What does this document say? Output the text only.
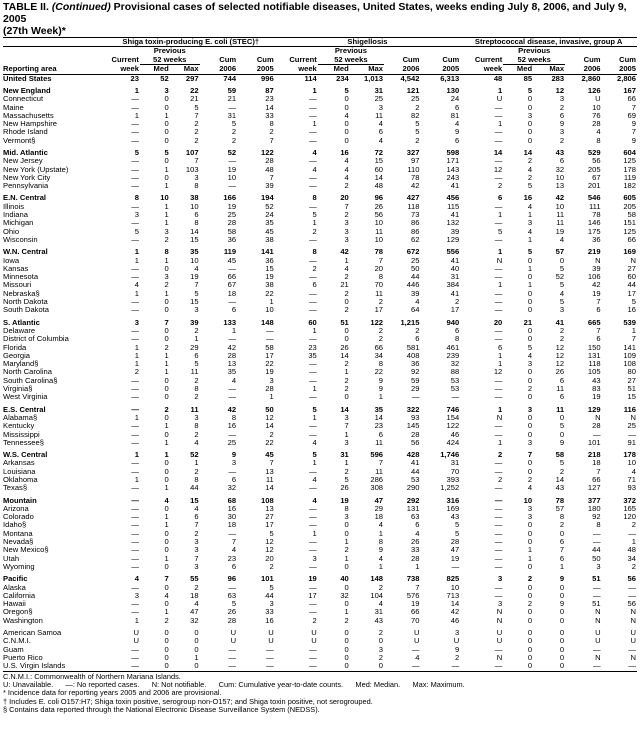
TABLE II. (Continued) Provisional cases of selected notifiable diseases, United States, weeks ending July 8, 2006, and July 9, 2005
(27th Week)*
	Shiga toxin-producing E. coli (STEC)†					Shigellosis					Streptococcal disease, invasive, group A				
		Previous					Previous					Previous			
	Current	52 weeks		Cum	Cum	Current	52 weeks		Cum	Cum	Current	52 weeks		Cum	Cum
Reporting area	week	Med	Max	2006	2005	week	Med	Max	2006	2005	week	Med	Max	2006	2005
United States	23	52	297	744	996	114	234	1,013	4,542	6,313	48	85	283	2,860	2,806

New England	1	3	22	59	87	1	5	31	121	130	1	5	12	126	167
Connecticut	—	0	21	21	23	—	0	25	25	24	U	0	3	U	66
Maine	—	0	5	—	14	—	0	3	2	6	—	0	2	10	7
Massachusetts	1	1	7	31	33	—	4	11	82	81	—	3	6	76	69
New Hampshire	—	0	2	5	8	1	0	4	5	4	1	0	9	28	9
Rhode Island	—	0	2	2	2	—	0	6	5	9	—	0	3	4	7
Vermont§	—	0	2	2	7	—	0	4	2	6	—	0	2	8	9

Mid. Atlantic	5	5	107	52	122	4	16	72	327	598	14	14	43	529	604
New Jersey	—	0	7	—	28	—	4	15	97	171	—	2	6	56	125
New York (Upstate)	—	1	103	19	48	4	4	60	110	143	12	4	32	205	178
New York City	—	0	3	10	7	—	4	14	78	243	—	2	10	67	119
Pennsylvania	—	1	8	—	39	—	2	48	42	41	2	5	13	201	182

E.N. Central	8	10	38	166	194	8	20	96	427	456	6	16	42	546	605
Illinois	—	1	10	19	52	—	7	26	118	115	—	4	10	111	205
Indiana	3	1	6	25	24	5	2	56	73	41	1	1	11	78	58
Michigan	—	1	8	28	35	1	3	10	86	132	—	3	11	146	151
Ohio	5	3	14	58	45	2	3	11	86	39	5	4	19	175	125
Wisconsin	—	2	15	36	38	—	3	10	62	129	—	1	4	36	66

W.N. Central	1	8	35	119	141	8	42	78	672	556	1	5	57	219	169
Iowa	1	1	10	45	36	—	1	7	25	41	N	0	0	N	N
Kansas	—	0	4	—	15	2	4	20	50	40	—	1	5	39	27
Minnesota	—	3	19	66	19	—	2	8	44	31	—	0	52	106	60
Missouri	4	2	7	67	38	6	21	70	446	384	1	1	5	42	44
Nebraska§	1	1	5	18	22	—	2	11	39	41	—	0	4	19	17
North Dakota	—	0	15	—	1	—	0	2	4	2	—	0	5	7	5
South Dakota	—	0	3	6	10	—	2	17	64	17	—	0	3	6	16

S. Atlantic	3	7	39	133	148	60	51	122	1,215	940	20	21	41	665	539
Delaware	—	0	2	1	—	1	0	2	2	6	—	0	2	7	1
District of Columbia	—	0	1	—	—	—	0	2	6	8	—	0	2	6	7
Florida	1	2	29	42	58	23	26	66	581	461	6	5	12	150	141
Georgia	1	1	6	28	17	35	14	34	408	239	1	4	12	131	109
Maryland§	1	1	5	13	22	—	2	8	36	32	1	3	12	118	108
North Carolina	2	1	11	35	19	—	1	22	92	88	12	0	26	105	80
South Carolina§	—	0	2	4	3	—	2	9	59	53	—	0	6	43	27
Virginia§	—	0	8	—	28	1	2	9	29	53	—	2	11	83	51
West Virginia	—	0	2	—	1	—	0	1	—	—	—	0	6	19	15

E.S. Central	—	2	11	42	50	5	14	35	322	746	1	3	11	129	116
Alabama§	1	0	3	8	12	1	3	14	93	154	N	0	0	N	N
Kentucky	—	1	8	16	14	—	7	23	145	122	—	0	5	28	25
Mississippi	—	0	2	—	2	—	1	6	28	46	—	0	0	—	—
Tennessee§	—	1	4	25	22	4	3	11	56	424	1	3	9	101	91

W.S. Central	1	1	52	9	45	5	31	596	428	1,746	2	7	58	218	178
Arkansas	—	0	1	3	7	1	1	7	41	31	—	0	5	18	10
Louisiana	—	0	2	—	13	—	2	11	44	70	—	0	2	7	4
Oklahoma	1	0	8	6	11	4	5	286	53	393	2	2	14	66	71
Texas§	—	1	44	32	14	—	26	308	290	1,252	—	4	43	127	93

Mountain	—	4	15	68	108	4	19	47	292	316	—	10	78	377	372
Arizona	—	0	4	16	13	—	8	29	131	169	—	3	57	180	165
Colorado	—	1	6	30	27	—	3	18	63	43	—	3	8	92	120
Idaho§	—	1	7	18	17	—	0	4	6	5	—	0	2	8	2
Montana	—	0	2	—	5	1	0	1	4	5	—	0	0	—	—
Nevada§	—	0	3	7	12	—	1	8	26	28	—	0	6	—	1
New Mexico§	—	0	3	4	12	—	2	9	33	47	—	1	7	44	48
Utah	—	1	7	23	20	3	1	4	28	19	—	1	6	50	34
Wyoming	—	0	3	6	2	—	0	1	1	—	—	0	1	3	2

Pacific	4	7	55	96	101	19	40	148	738	825	3	2	9	51	56
Alaska	—	0	2	—	5	—	0	2	7	10	—	0	0	—	—
California	3	4	18	63	44	17	32	104	576	713	—	0	0	—	—
Hawaii	—	0	4	5	3	—	0	4	19	14	3	2	9	51	56
Oregon§	—	1	47	26	33	—	1	31	66	42	N	0	0	N	N
Washington	1	2	32	28	16	2	2	43	70	46	N	0	0	N	N

American Samoa	U	0	0	U	U	U	0	2	U	3	U	0	0	U	U
C.N.M.I.	U	0	0	U	U	U	0	0	U	U	U	0	0	U	U
Guam	—	0	0	—	—	—	0	3	—	9	—	0	0	—	—
Puerto Rico	—	0	1	—	—	—	0	2	4	2	N	0	0	N	N
U.S. Virgin Islands	—	0	0	—	—	—	0	0	—	—	—	0	0	—	—
C.N.M.I.: Commonwealth of Northern Mariana Islands.
U: Unavailable.      —: No reported cases.      N: Not notifiable.      Cum: Cumulative year-to-date counts.      Med: Median.      Max: Maximum.
* Incidence data for reporting years 2005 and 2006 are provisional.
† Includes E. coli O157:H7; Shiga toxin positive, serogroup non-O157; and Shiga toxin positive, not serogrouped.
§ Contains data reported through the National Electronic Disease Surveillance System (NEDSS).
